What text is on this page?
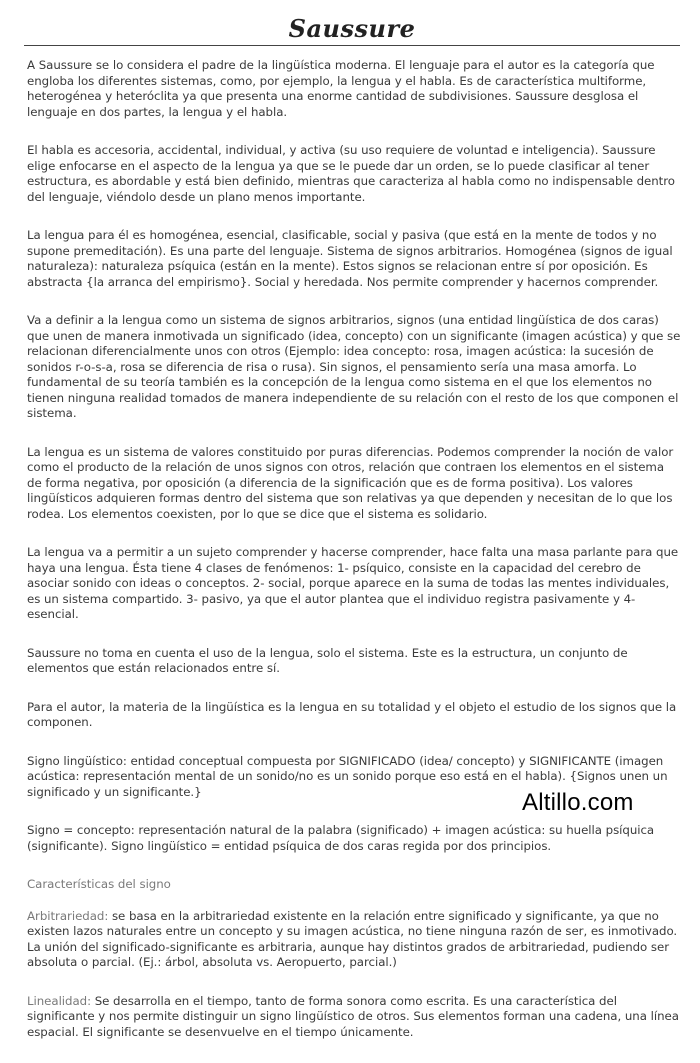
Saussure

A Saussure se lo considera el padre de la lingüística moderna. El lenguaje para el autor es la categoría que engloba los diferentes sistemas, como, por ejemplo, la lengua y el habla. Es de característica multiforme, heterogénea y heteróclita ya que presenta una enorme cantidad de subdivisiones. Saussure desglosa el lenguaje en dos partes, la lengua y el habla.

El habla es accesoria, accidental, individual, y activa (su uso requiere de voluntad e inteligencia). Saussure elige enfocarse en el aspecto de la lengua ya que se le puede dar un orden, se lo puede clasificar al tener estructura, es abordable y está bien definido, mientras que caracteriza al habla como no indispensable dentro del lenguaje, viéndolo desde un plano menos importante.

La lengua para él es homogénea, esencial, clasificable, social y pasiva (que está en la mente de todos y no supone premeditación). Es una parte del lenguaje. Sistema de signos arbitrarios. Homogénea (signos de igual naturaleza): naturaleza psíquica (están en la mente). Estos signos se relacionan entre sí por oposición. Es abstracta {la arranca del empirismo}. Social y heredada. Nos permite comprender y hacernos comprender.

Va a definir a la lengua como un sistema de signos arbitrarios, signos (una entidad lingüística de dos caras) que unen de manera inmotivada un significado (idea, concepto) con un significante (imagen acústica) y que se relacionan diferencialmente unos con otros (Ejemplo: idea concepto: rosa, imagen acústica: la sucesión de sonidos r-o-s-a, rosa se diferencia de risa o rusa). Sin signos, el pensamiento sería una masa amorfa. Lo fundamental de su teoría también es la concepción de la lengua como sistema en el que los elementos no tienen ninguna realidad tomados de manera independiente de su relación con el resto de los que componen el sistema.

La lengua es un sistema de valores constituido por puras diferencias. Podemos comprender la noción de valor como el producto de la relación de unos signos con otros, relación que contraen los elementos en el sistema de forma negativa, por oposición (a diferencia de la significación que es de forma positiva). Los valores lingüísticos adquieren formas dentro del sistema que son relativas ya que dependen y necesitan de lo que los rodea. Los elementos coexisten, por lo que se dice que el sistema es solidario.

La lengua va a permitir a un sujeto comprender y hacerse comprender, hace falta una masa parlante para que haya una lengua. Ésta tiene 4 clases de fenómenos: 1- psíquico, consiste en la capacidad del cerebro de asociar sonido con ideas o conceptos. 2- social, porque aparece en la suma de todas las mentes individuales, es un sistema compartido. 3- pasivo, ya que el autor plantea que el individuo registra pasivamente y 4- esencial.

Saussure no toma en cuenta el uso de la lengua, solo el sistema. Este es la estructura, un conjunto de elementos que están relacionados entre sí.

Para el autor, la materia de la lingüística es la lengua en su totalidad y el objeto el estudio de los signos que la componen.

Signo lingüístico: entidad conceptual compuesta por SIGNIFICADO (idea/ concepto) y SIGNIFICANTE (imagen acústica: representación mental de un sonido/no es un sonido porque eso está en el habla). {Signos unen un significado y un significante.}

Signo = concepto: representación natural de la palabra (significado) + imagen acústica: su huella psíquica (significante). Signo lingüístico = entidad psíquica de dos caras regida por dos principios.

Características del signo

Arbitrariedad: se basa en la arbitrariedad existente en la relación entre significado y significante, ya que no existen lazos naturales entre un concepto y su imagen acústica, no tiene ninguna razón de ser, es inmotivado. La unión del significado-significante es arbitraria, aunque hay distintos grados de arbitrariedad, pudiendo ser absoluta o parcial. (Ej.: árbol, absoluta vs. Aeropuerto, parcial.)

Linealidad: Se desarrolla en el tiempo, tanto de forma sonora como escrita. Es una característica del significante y nos permite distinguir un signo lingüístico de otros. Sus elementos forman una cadena, una línea espacial. El significante se desenvuelve en el tiempo únicamente.

Altillo.com
